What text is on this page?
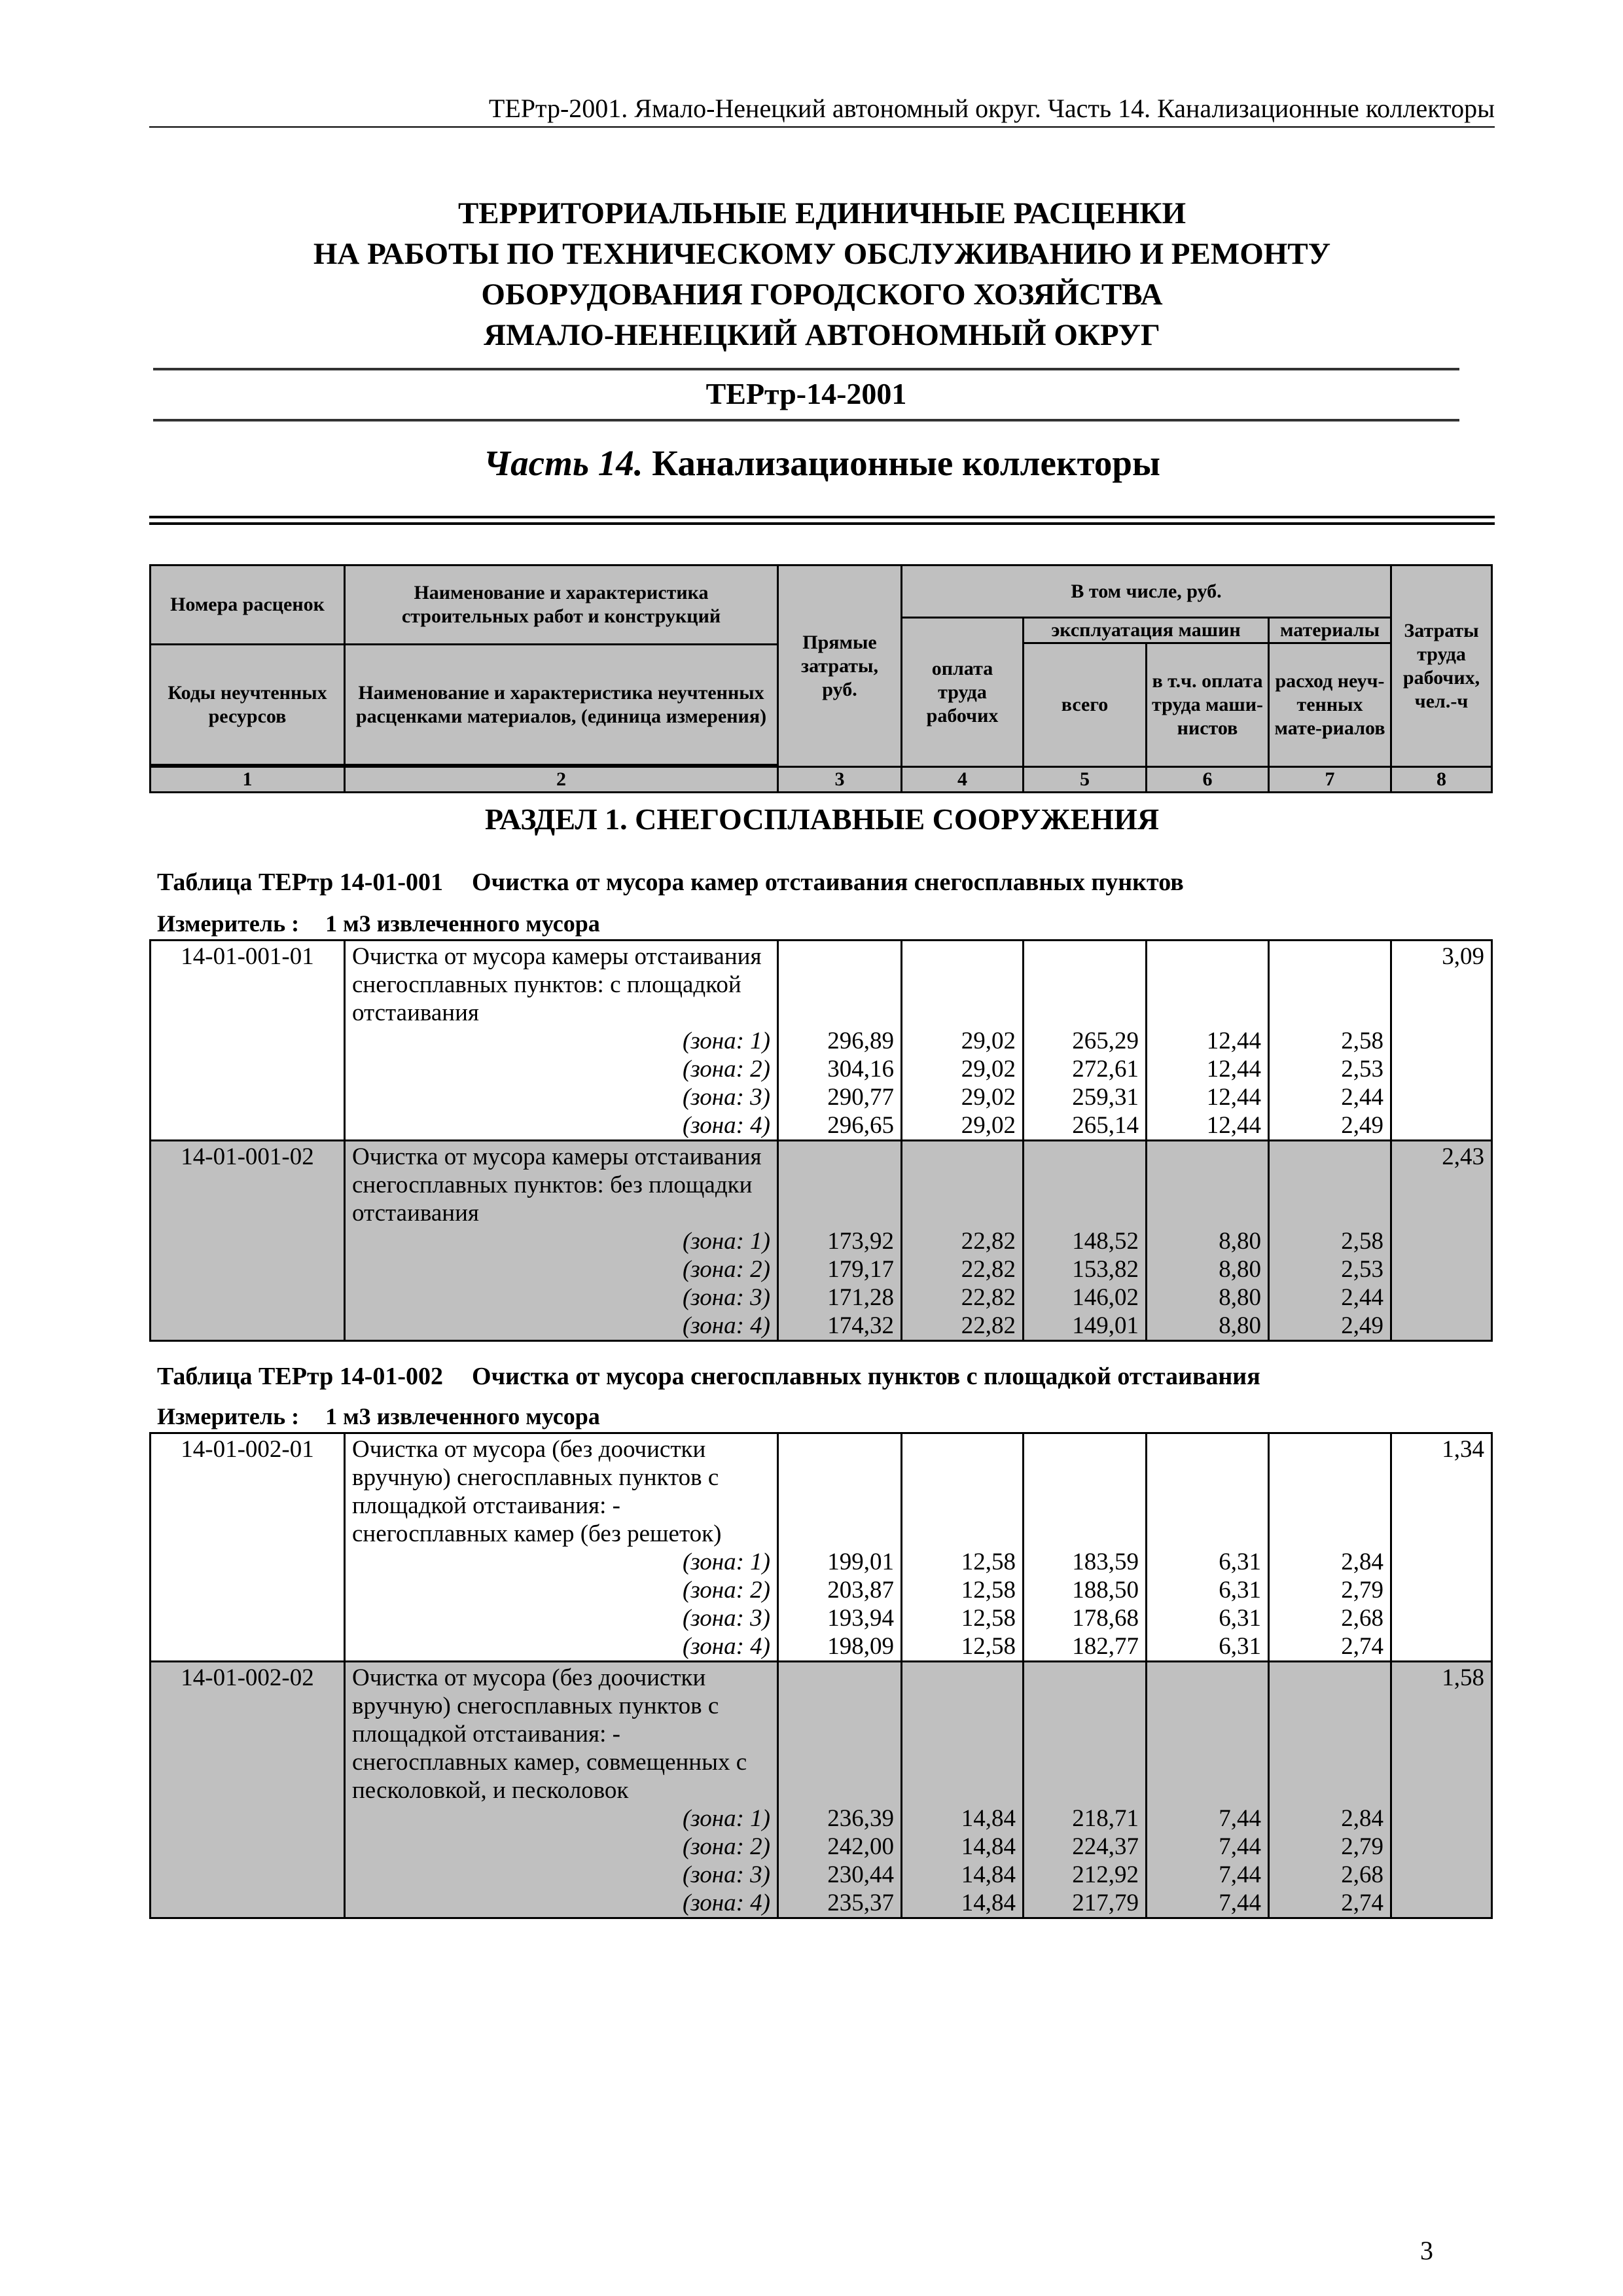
ТЕРтр-2001. Ямало-Ненецкий автономный округ. Часть 14. Канализационные коллекторы
ТЕРРИТОРИАЛЬНЫЕ ЕДИНИЧНЫЕ РАСЦЕНКИ
НА РАБОТЫ ПО ТЕХНИЧЕСКОМУ ОБСЛУЖИВАНИЮ И РЕМОНТУ
ОБОРУДОВАНИЯ ГОРОДСКОГО ХОЗЯЙСТВА
ЯМАЛО-НЕНЕЦКИЙ АВТОНОМНЫЙ ОКРУГ
ТЕРтр-14-2001
Часть 14. Канализационные коллекторы
Номера расценок	Наименование и характеристика строительных работ и конструкций	Прямые затраты, руб.	В том числе, руб.				Затраты труда рабочих, чел.-ч
			оплата труда рабочих	эксплуатация машин		материалы	
				всего	в т.ч. оплата труда маши-нистов	расход неуч-тенных мате-риалов	
Коды неучтенных ресурсов	Наименование и характеристика неучтенных расценками материалов, (единица измерения)						

1	2	3	4	5	6	7	8
РАЗДЕЛ 1. СНЕГОСПЛАВНЫЕ СООРУЖЕНИЯ
Таблица ТЕРтр 14-01-001 Очистка от мусора камер отстаивания снегосплавных пунктов
Измеритель : 1 м3 извлеченного мусора
14-01-001-01	Очистка от мусора камеры отстаивания						3,09
	снегосплавных пунктов: с площадкой						
	отстаивания						
	(зона: 1)	296,89	29,02	265,29	12,44	2,58	
	(зона: 2)	304,16	29,02	272,61	12,44	2,53	
	(зона: 3)	290,77	29,02	259,31	12,44	2,44	
	(зона: 4)	296,65	29,02	265,14	12,44	2,49	
14-01-001-02	Очистка от мусора камеры отстаивания						2,43
	снегосплавных пунктов: без площадки						
	отстаивания						
	(зона: 1)	173,92	22,82	148,52	8,80	2,58	
	(зона: 2)	179,17	22,82	153,82	8,80	2,53	
	(зона: 3)	171,28	22,82	146,02	8,80	2,44	
	(зона: 4)	174,32	22,82	149,01	8,80	2,49	
Таблица ТЕРтр 14-01-002 Очистка от мусора снегосплавных пунктов с площадкой отстаивания
Измеритель : 1 м3 извлеченного мусора
14-01-002-01	Очистка от мусора (без доочистки						1,34
	вручную) снегосплавных пунктов с						
	площадкой отстаивания: -						
	снегосплавных камер (без решеток)						
	(зона: 1)	199,01	12,58	183,59	6,31	2,84	
	(зона: 2)	203,87	12,58	188,50	6,31	2,79	
	(зона: 3)	193,94	12,58	178,68	6,31	2,68	
	(зона: 4)	198,09	12,58	182,77	6,31	2,74	
14-01-002-02	Очистка от мусора (без доочистки						1,58
	вручную) снегосплавных пунктов с						
	площадкой отстаивания: -						
	снегосплавных камер, совмещенных с						
	песколовкой, и песколовок						
	(зона: 1)	236,39	14,84	218,71	7,44	2,84	
	(зона: 2)	242,00	14,84	224,37	7,44	2,79	
	(зона: 3)	230,44	14,84	212,92	7,44	2,68	
	(зона: 4)	235,37	14,84	217,79	7,44	2,74	
3
